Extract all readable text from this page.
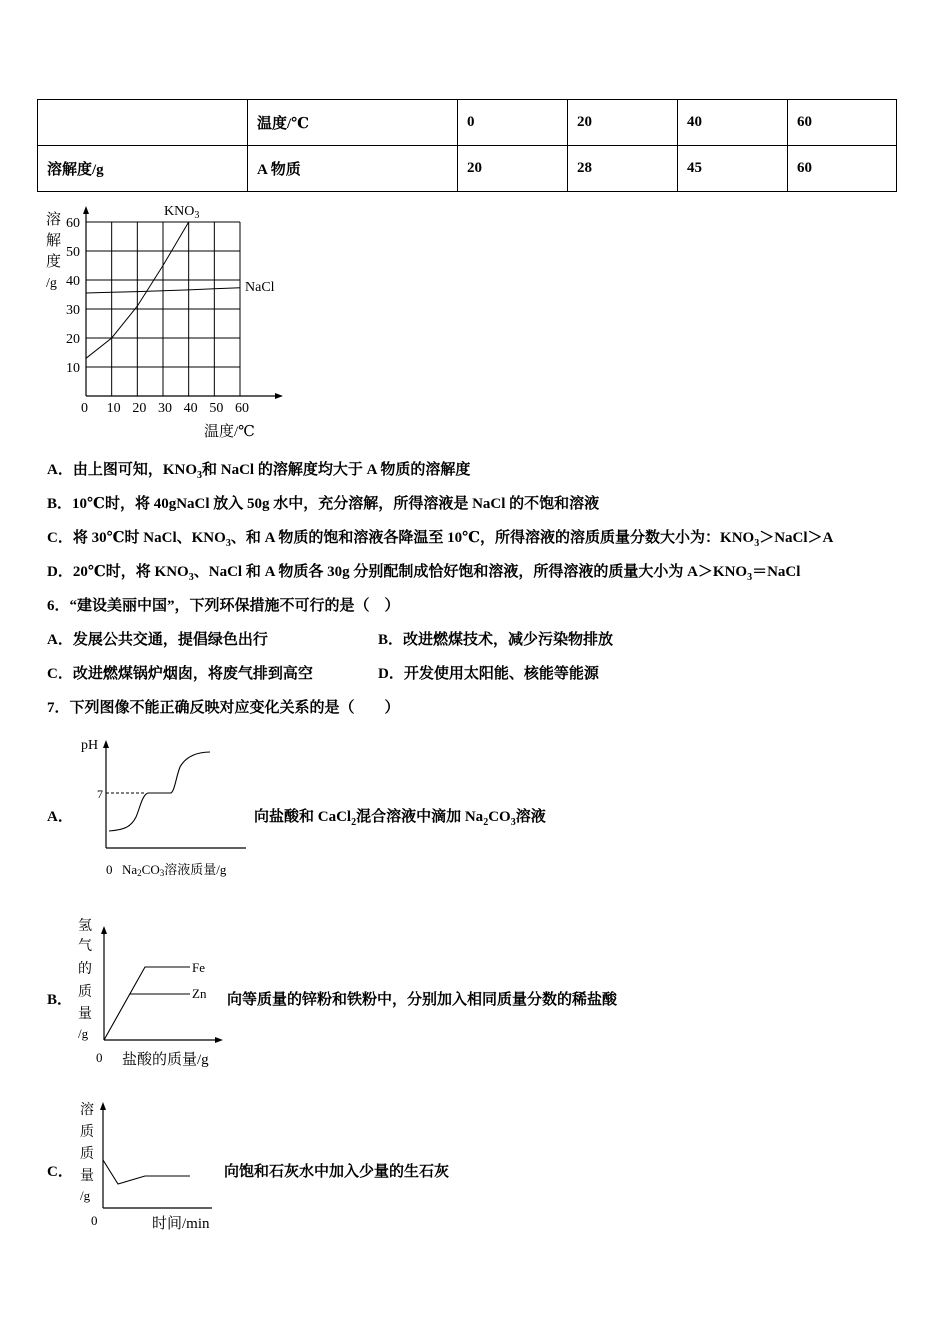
	温度/℃	0	20	40	60
溶解度/g	A 物质	20	28	45	60
10
20
30
40
50
60
0 10 20 30 40 50 60
$KNO_3$
NaCl
溶
解
度
/g
温度/℃
A．由上图可知，$KNO_3$和 NaCl 的溶解度均大于 A 物质的溶解度
B．10℃时，将 40gNaCl 放入 50g 水中，充分溶解，所得溶液是 NaCl 的不饱和溶液
C．将 30℃时 NaCl、$KNO_3$、和 A 物质的饱和溶液各降温至 10℃，所得溶液的溶质质量分数大小为：$KNO_3>NaCl>A$
D．20℃时，将 $KNO_3$、NaCl 和 A 物质各 30g 分别配制成恰好饱和溶液，所得溶液的质量大小为 $A>KNO_3=NaCl$
6．“建设美丽中国”，下列环保措施不可行的是（　）
A．发展公共交通，提倡绿色出行	B．改进燃煤技术，减少污染物排放
C．改进燃煤锅炉烟囱，将废气排到高空	D．开发使用太阳能、核能等能源
7．下列图像不能正确反映对应变化关系的是（　　）
A．
pH
7
0 Na2CO3溶液质量/g
向盐酸和 CaCl$_2$混合溶液中滴加 $Na_2CO_3$溶液
B．
氢
气
的
质
量
/g
Fe
Zn
0 盐酸的质量/g
向等质量的锌粉和铁粉中，分别加入相同质量分数的稀盐酸
C．
溶
质
质
量
/g
0	时间/min
向饱和石灰水中加入少量的生石灰
